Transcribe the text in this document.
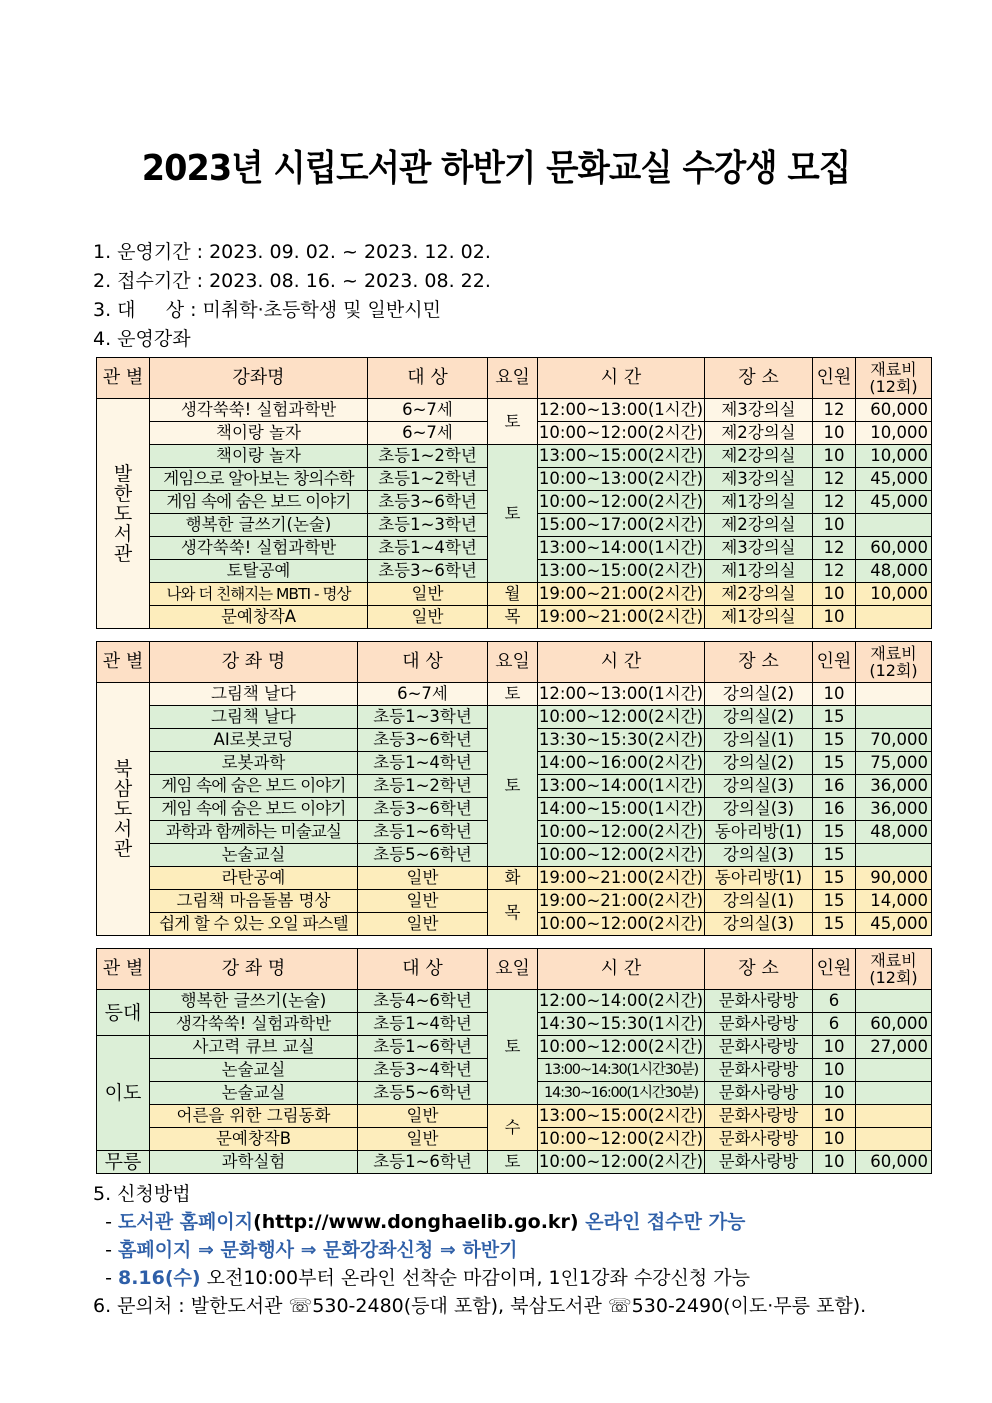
2023년 시립도서관 하반기 문화교실 수강생 모집
1. 운영기간 : 2023. 09. 02. ~ 2023. 12. 02.
2. 접수기간 : 2023. 08. 16. ~ 2023. 08. 22.
3. 대     상 : 미취학·초등학생 및 일반시민
4. 운영강좌
관 별	강좌명	대 상	요일	시 간	장 소	인원	재료비
(12회)
발한도서관	생각쑥쑥! 실험과학반	6~7세	토	12:00~13:00(1시간)	제3강의실	12	60,000
	책이랑 놀자	6~7세		10:00~12:00(2시간)	제2강의실	10	10,000
	책이랑 놀자	초등1~2학년	토	13:00~15:00(2시간)	제2강의실	10	10,000
	게임으로 알아보는 창의수학	초등1~2학년		10:00~13:00(2시간)	제3강의실	12	45,000
	게임 속에 숨은 보드 이야기	초등3~6학년		10:00~12:00(2시간)	제1강의실	12	45,000
	행복한 글쓰기(논술)	초등1~3학년		15:00~17:00(2시간)	제2강의실	10	
	생각쑥쑥! 실험과학반	초등1~4학년		13:00~14:00(1시간)	제3강의실	12	60,000
	토탈공예	초등3~6학년		13:00~15:00(2시간)	제1강의실	12	48,000
	나와 더 친해지는 MBTI - 명상	일반	월	19:00~21:00(2시간)	제2강의실	10	10,000
	문예창작A	일반	목	19:00~21:00(2시간)	제1강의실	10	
관 별	강 좌 명	대 상	요일	시 간	장 소	인원	재료비
(12회)
북삼도서관	그림책 날다	6~7세	토	12:00~13:00(1시간)	강의실(2)	10	
	그림책 날다	초등1~3학년	토	10:00~12:00(2시간)	강의실(2)	15	
	AI로봇코딩	초등3~6학년		13:30~15:30(2시간)	강의실(1)	15	70,000
	로봇과학	초등1~4학년		14:00~16:00(2시간)	강의실(2)	15	75,000
	게임 속에 숨은 보드 이야기	초등1~2학년		13:00~14:00(1시간)	강의실(3)	16	36,000
	게임 속에 숨은 보드 이야기	초등3~6학년		14:00~15:00(1시간)	강의실(3)	16	36,000
	과학과 함께하는 미술교실	초등1~6학년		10:00~12:00(2시간)	동아리방(1)	15	48,000
	논술교실	초등5~6학년		10:00~12:00(2시간)	강의실(3)	15	
	라탄공예	일반	화	19:00~21:00(2시간)	동아리방(1)	15	90,000
	그림책 마음돌봄 명상	일반	목	19:00~21:00(2시간)	강의실(1)	15	14,000
	쉽게 할 수 있는 오일 파스텔	일반		10:00~12:00(2시간)	강의실(3)	15	45,000
관 별	강 좌 명	대 상	요일	시 간	장 소	인원	재료비
(12회)
등대	행복한 글쓰기(논술)	초등4~6학년	토	12:00~14:00(2시간)	문화사랑방	6	
	생각쑥쑥! 실험과학반	초등1~4학년		14:30~15:30(1시간)	문화사랑방	6	60,000
이도	사고력 큐브 교실	초등1~6학년		10:00~12:00(2시간)	문화사랑방	10	27,000
	논술교실	초등3~4학년		13:00~14:30(1시간30분)	문화사랑방	10	
	논술교실	초등5~6학년		14:30~16:00(1시간30분)	문화사랑방	10	
	어른을 위한 그림동화	일반	수	13:00~15:00(2시간)	문화사랑방	10	
	문예창작B	일반		10:00~12:00(2시간)	문화사랑방	10	
무릉	과학실험	초등1~6학년	토	10:00~12:00(2시간)	문화사랑방	10	60,000
5. 신청방법
- 도서관 홈페이지(http://www.donghaelib.go.kr) 온라인 접수만 가능
- 홈페이지 ⇒ 문화행사 ⇒ 문화강좌신청 ⇒ 하반기
- 8.16(수) 오전10:00부터 온라인 선착순 마감이며, 1인1강좌 수강신청 가능
6. 문의처 : 발한도서관 ☏530-2480(등대 포함), 북삼도서관 ☏530-2490(이도·무릉 포함).
